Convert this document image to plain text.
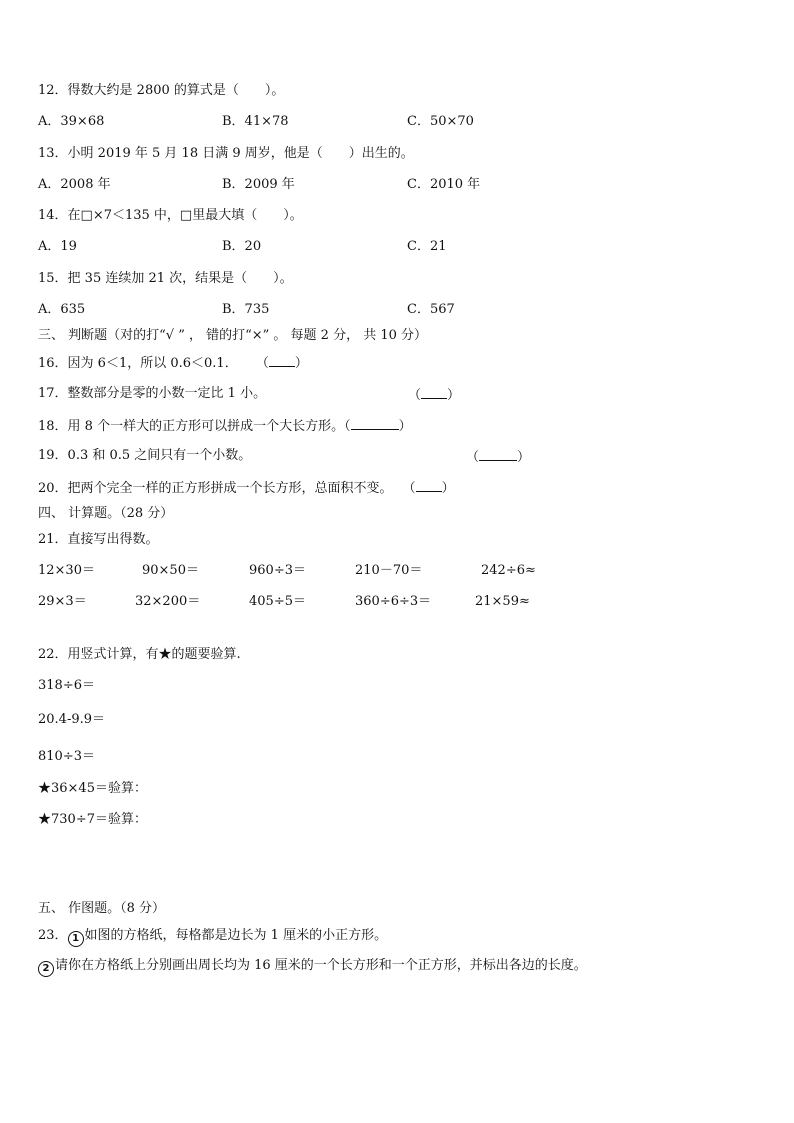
12．得数大约是 2800 的算式是（　　）。
A．39×68	B．41×78	C．50×70
13．小明 2019 年 5 月 18 日满 9 周岁，他是（　　）出生的。
A．2008 年	B．2009 年	C．2010 年
14．在□×7＜135 中，□里最大填（　　）。
A．19	B．20	C．21
15．把 35 连续加 21 次，结果是（　　）。
A．635	B．735	C．567
三、 判断题（对的打“√ ” ， 错的打“×” 。 每题 2 分， 共 10 分）
16．因为 6＜1，所以 0.6＜0.1． （ ）
17．整数部分是零的小数一定比 1 小。	（ ）
18．用 8 个一样大的正方形可以拼成一个大长方形。（	）
19．0.3 和 0.5 之间只有一个小数。	（	）
20．把两个完全一样的正方形拼成一个长方形，总面积不变。 （ ）
四、 计算题。（28 分）
21．直接写出得数。
12×30＝	90×50＝	960÷3＝	210－70＝	242÷6≈
29×3＝	32×200＝	405÷5＝	360÷6÷3＝	21×59≈
22．用竖式计算，有★的题要验算.
318÷6＝
20.4-9.9＝
810÷3＝
★36×45＝验算：
★730÷7＝验算：
五、 作图题。（8 分）
23． 1 如图的方格纸，每格都是边长为 1 厘米的小正方形。
2 请你在方格纸上分别画出周长均为 16 厘米的一个长方形和一个正方形，并标出各边的长度。
